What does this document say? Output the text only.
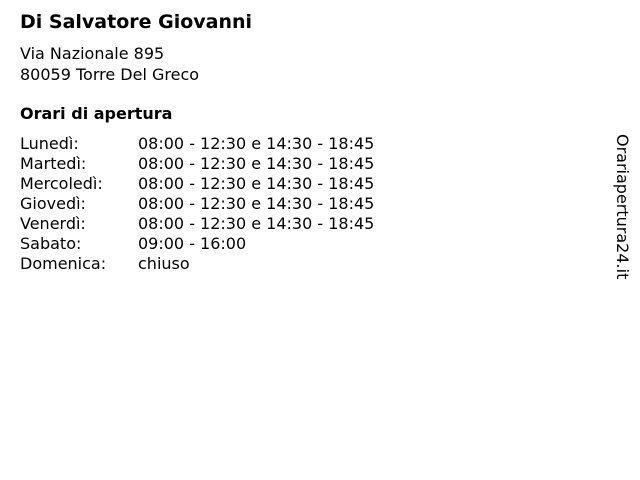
Di Salvatore Giovanni
Via Nazionale 895
80059 Torre Del Greco
Orari di apertura
Lunedì:	08:00 - 12:30 e 14:30 - 18:45
Martedì:	08:00 - 12:30 e 14:30 - 18:45
Mercoledì: 08:00 - 12:30 e 14:30 - 18:45
Giovedì:	08:00 - 12:30 e 14:30 - 18:45
Venerdì:	08:00 - 12:30 e 14:30 - 18:45
Sabato:	09:00 - 16:00
Domenica: chiuso	Orariapertura24.it
